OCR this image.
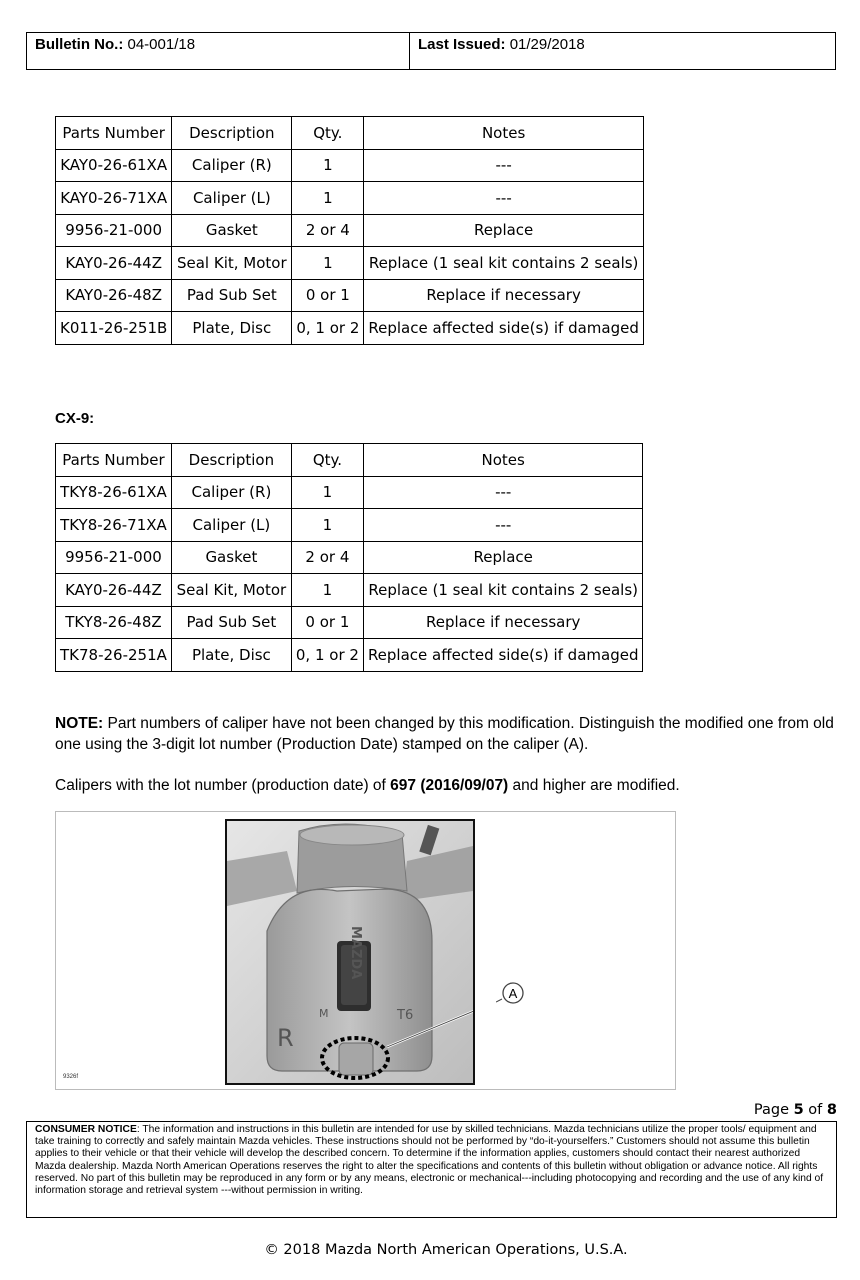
Bulletin No.: 04-001/18	Last Issued: 01/29/2018
Parts Number	Description	Qty.	Notes
KAY0-26-61XA	Caliper (R)	1	---
KAY0-26-71XA	Caliper (L)	1	---
9956-21-000	Gasket	2 or 4	Replace
KAY0-26-44Z	Seal Kit, Motor	1	Replace (1 seal kit contains 2 seals)
KAY0-26-48Z	Pad Sub Set	0 or 1	Replace if necessary
K011-26-251B	Plate, Disc	0, 1 or 2	Replace affected side(s) if damaged
CX-9:
Parts Number	Description	Qty.	Notes
TKY8-26-61XA	Caliper (R)	1	---
TKY8-26-71XA	Caliper (L)	1	---
9956-21-000	Gasket	2 or 4	Replace
KAY0-26-44Z	Seal Kit, Motor	1	Replace (1 seal kit contains 2 seals)
TKY8-26-48Z	Pad Sub Set	0 or 1	Replace if necessary
TK78-26-251A	Plate, Disc	0, 1 or 2	Replace affected side(s) if damaged
NOTE: Part numbers of caliper have not been changed by this modification. Distinguish the modified one from old one using the 3-digit lot number (Production Date) stamped on the caliper (A).
Calipers with the lot number (production date) of 697 (2016/09/07) and higher are modified.
MAZDA
R
T6
M
A
9326f
Page 5 of 8
CONSUMER NOTICE: The information and instructions in this bulletin are intended for use by skilled technicians. Mazda technicians utilize the proper tools/ equipment and take training to correctly and safely maintain Mazda vehicles. These instructions should not be performed by “do-it-yourselfers.” Customers should not assume this bulletin applies to their vehicle or that their vehicle will develop the described concern. To determine if the information applies, customers should contact their nearest authorized Mazda dealership. Mazda North American Operations reserves the right to alter the specifications and contents of this bulletin without obligation or advance notice. All rights reserved. No part of this bulletin may be reproduced in any form or by any means, electronic or mechanical---including photocopying and recording and the use of any kind of information storage and retrieval system ---without permission in writing.
© 2018 Mazda North American Operations, U.S.A.
